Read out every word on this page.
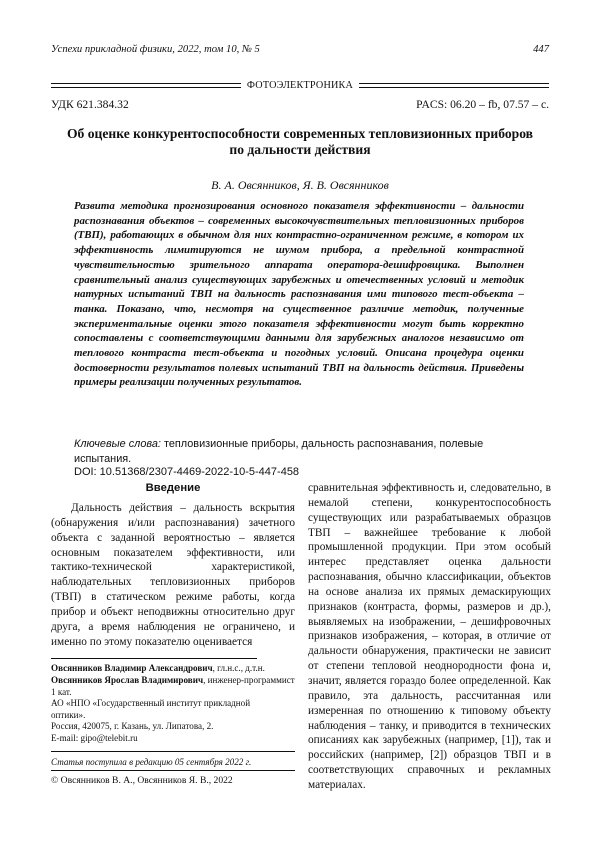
Успехи прикладной физики, 2022, том 10, № 5	447
ФОТОЭЛЕКТРОНИКА
УДК 621.384.32	PACS: 06.20 – fb, 07.57 – c.
Об оценке конкурентоспособности современных тепловизионных приборов
по дальности действия
В. А. Овсянников, Я. В. Овсянников
Развита методика прогнозирования основного показателя эффективности – дальности распознавания объектов – современных высокочувствительных тепловизионных приборов (ТВП), работающих в обычном для них контрастно-ограниченном режиме, в котором их эффективность лимитируются не шумом прибора, а предельной контрастной чувствительностью зрительного аппарата оператора-дешифровщика. Выполнен сравнительный анализ существующих зарубежных и отечественных условий и методик натурных испытаний ТВП на дальность распознавания ими типового тест-объекта – танка. Показано, что, несмотря на существенное различие методик, полученные экспериментальные оценки этого показателя эффективности могут быть корректно сопоставлены с соответствующими данными для зарубежных аналогов независимо от теплового контраста тест-объекта и погодных условий. Описана процедура оценки достоверности результатов полевых испытаний ТВП на дальность действия. Приведены примеры реализации полученных результатов.
Ключевые слова: тепловизионные приборы, дальность распознавания, полевые испытания.
DOI: 10.51368/2307-4469-2022-10-5-447-458
Введение

Дальность действия – дальность вскрытия (обнаружения и/или распознавания) зачетного объекта с заданной вероятностью – является основным показателем эффективности, или тактико-технической характеристикой, наблюдательных тепловизионных приборов (ТВП) в статическом режиме работы, когда прибор и объект неподвижны относительно друг друга, а время наблюдения не ограничено, и именно по этому показателю оценивается

Овсянников Владимир Александрович, гл.н.с., д.т.н.
Овсянников Ярослав Владимирович, инженер-программист 1 кат.
АО «НПО «Государственный институт прикладной
оптики».
Россия, 420075, г. Казань, ул. Липатова, 2.
E-mail: gipo@telebit.ru
Статья поступила в редакцию 05 сентября 2022 г.
© Овсянников В. А., Овсянников Я. В., 2022

сравнительная эффективность и, следовательно, в немалой степени, конкурентоспособность существующих или разрабатываемых образцов ТВП – важнейшее требование к любой промышленной продукции. При этом особый интерес представляет оценка дальности распознавания, обычно классификации, объектов на основе анализа их прямых демаскирующих признаков (контраста, формы, размеров и др.), выявляемых на изображении, – дешифровочных признаков изображения, – которая, в отличие от дальности обнаружения, практически не зависит от степени тепловой неоднородности фона и, значит, является гораздо более определенной. Как правило, эта дальность, рассчитанная или измеренная по отношению к типовому объекту наблюдения – танку, и приводится в технических описаниях как зарубежных (например, [1]), так и российских (например, [2]) образцов ТВП и в соответствующих справочных и рекламных материалах.
